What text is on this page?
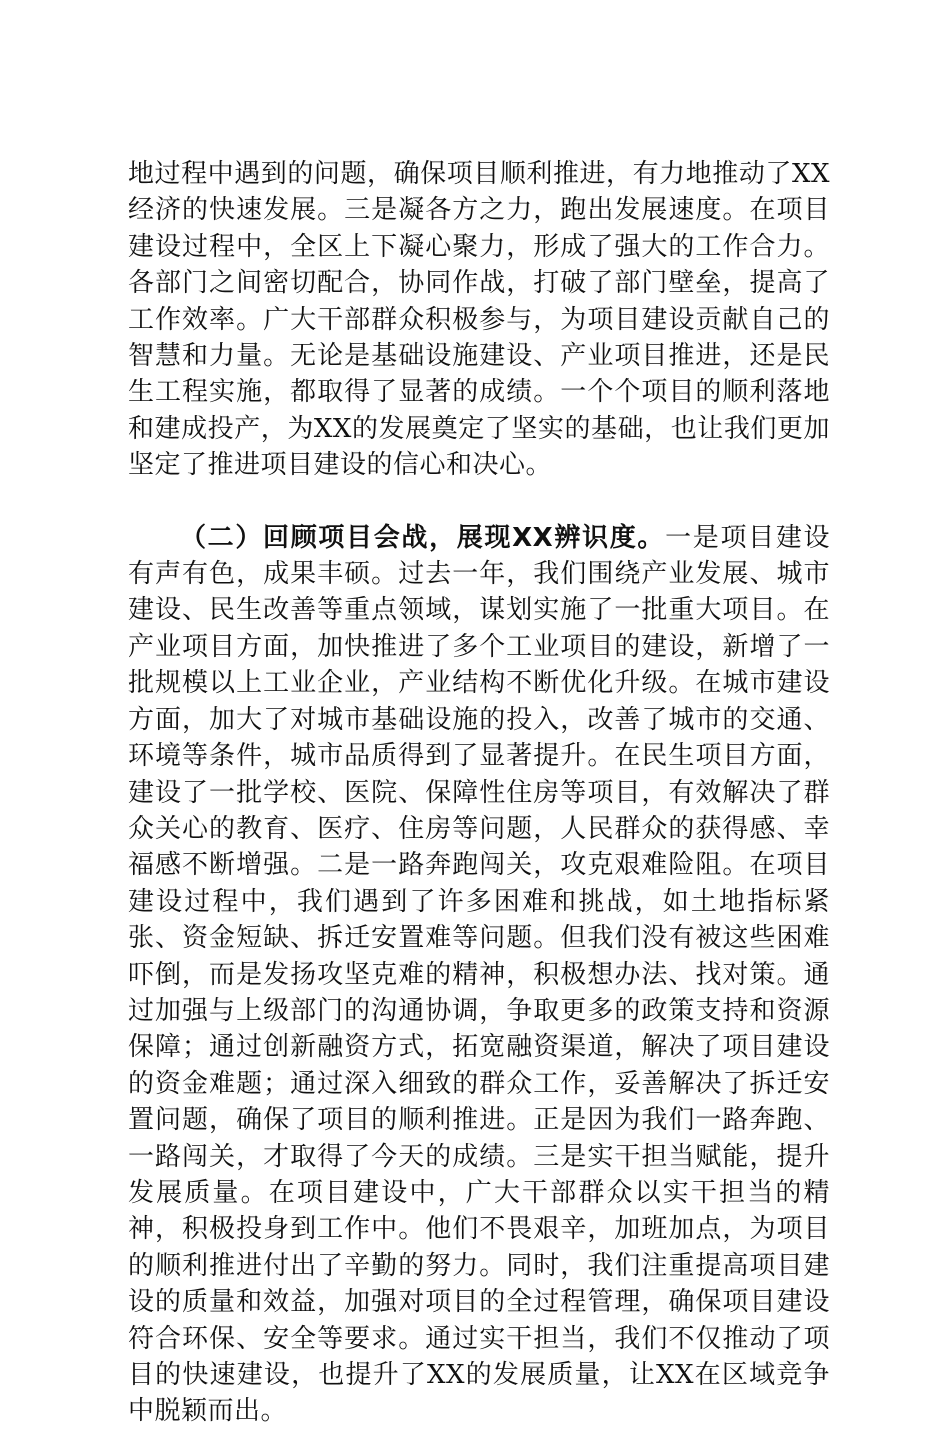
地过程中遇到的问题，确保项目顺利推进，有力地推动了XX经济的快速发展。三是凝各方之力，跑出发展速度。在项目建设过程中，全区上下凝心聚力，形成了强大的工作合力。各部门之间密切配合，协同作战，打破了部门壁垒，提高了工作效率。广大干部群众积极参与，为项目建设贡献自己的智慧和力量。无论是基础设施建设、产业项目推进，还是民生工程实施，都取得了显著的成绩。一个个项目的顺利落地和建成投产，为XX的发展奠定了坚实的基础，也让我们更加坚定了推进项目建设的信心和决心。

（二）回顾项目会战，展现XX辨识度。一是项目建设有声有色，成果丰硕。过去一年，我们围绕产业发展、城市建设、民生改善等重点领域，谋划实施了一批重大项目。在产业项目方面，加快推进了多个工业项目的建设，新增了一批规模以上工业企业，产业结构不断优化升级。在城市建设方面，加大了对城市基础设施的投入，改善了城市的交通、环境等条件，城市品质得到了显著提升。在民生项目方面，建设了一批学校、医院、保障性住房等项目，有效解决了群众关心的教育、医疗、住房等问题，人民群众的获得感、幸福感不断增强。二是一路奔跑闯关，攻克艰难险阻。在项目建设过程中，我们遇到了许多困难和挑战，如土地指标紧张、资金短缺、拆迁安置难等问题。但我们没有被这些困难吓倒，而是发扬攻坚克难的精神，积极想办法、找对策。通过加强与上级部门的沟通协调，争取更多的政策支持和资源保障；通过创新融资方式，拓宽融资渠道，解决了项目建设的资金难题；通过深入细致的群众工作，妥善解决了拆迁安置问题，确保了项目的顺利推进。正是因为我们一路奔跑、一路闯关，才取得了今天的成绩。三是实干担当赋能，提升发展质量。在项目建设中，广大干部群众以实干担当的精神，积极投身到工作中。他们不畏艰辛，加班加点，为项目的顺利推进付出了辛勤的努力。同时，我们注重提高项目建设的质量和效益，加强对项目的全过程管理，确保项目建设符合环保、安全等要求。通过实干担当，我们不仅推动了项目的快速建设，也提升了XX的发展质量，让XX在区域竞争中脱颖而出。
